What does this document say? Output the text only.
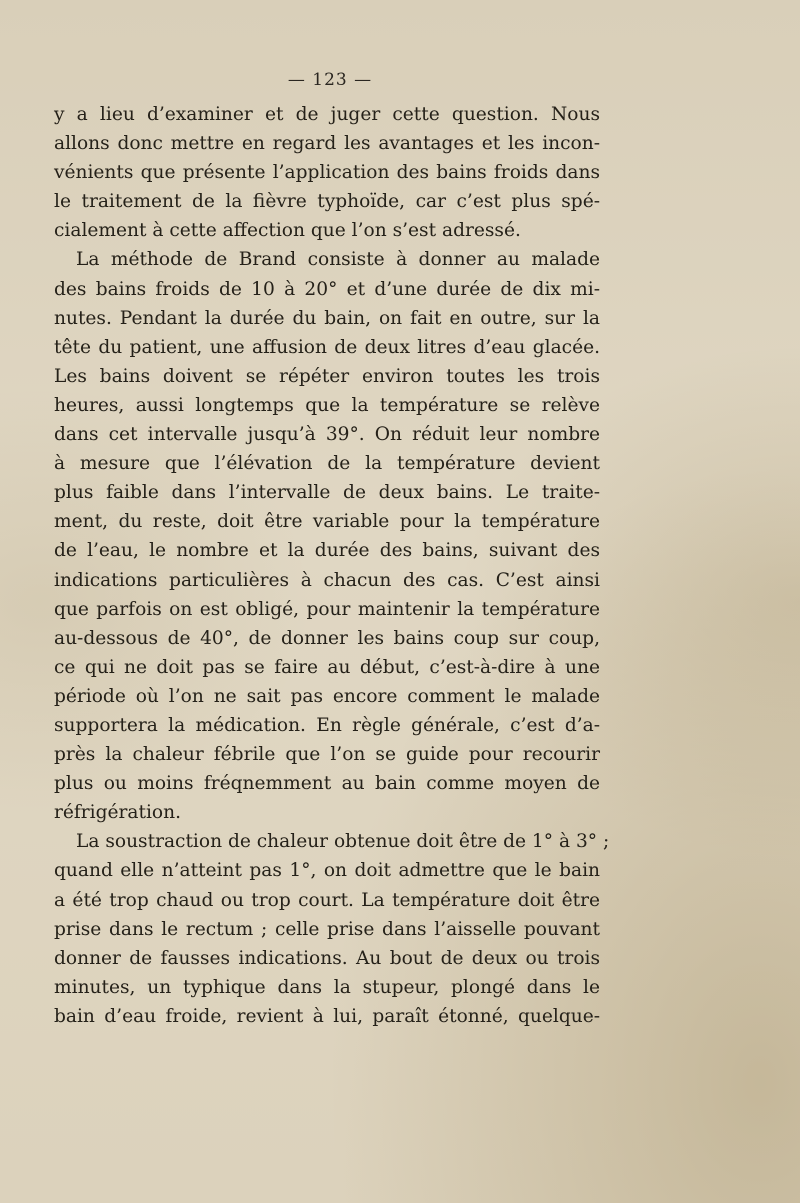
— 123 —
y a lieu d’examiner et de juger cette question. Nous
allons donc mettre en regard les avantages et les incon-
vénients que présente l’application des bains froids dans
le traitement de la fièvre typhoïde, car c’est plus spé-
cialement à cette affection que l’on s’est adressé.
La méthode de Brand consiste à donner au malade
des bains froids de 10 à 20° et d’une durée de dix mi-
nutes. Pendant la durée du bain, on fait en outre, sur la
tête du patient, une affusion de deux litres d’eau glacée.
Les bains doivent se répéter environ toutes les trois
heures, aussi longtemps que la température se relève
dans cet intervalle jusqu’à 39°. On réduit leur nombre
à mesure que l’élévation de la température devient
plus faible dans l’intervalle de deux bains. Le traite-
ment, du reste, doit être variable pour la température
de l’eau, le nombre et la durée des bains, suivant des
indications particulières à chacun des cas. C’est ainsi
que parfois on est obligé, pour maintenir la température
au-dessous de 40°, de donner les bains coup sur coup,
ce qui ne doit pas se faire au début, c’est-à-dire à une
période où l’on ne sait pas encore comment le malade
supportera la médication. En règle générale, c’est d’a-
près la chaleur fébrile que l’on se guide pour recourir
plus ou moins fréqnemment au bain comme moyen de
réfrigération.
La soustraction de chaleur obtenue doit être de 1° à 3° ;
quand elle n’atteint pas 1°, on doit admettre que le bain
a été trop chaud ou trop court. La température doit être
prise dans le rectum ; celle prise dans l’aisselle pouvant
donner de fausses indications. Au bout de deux ou trois
minutes, un typhique dans la stupeur, plongé dans le
bain d’eau froide, revient à lui, paraît étonné, quelque-
